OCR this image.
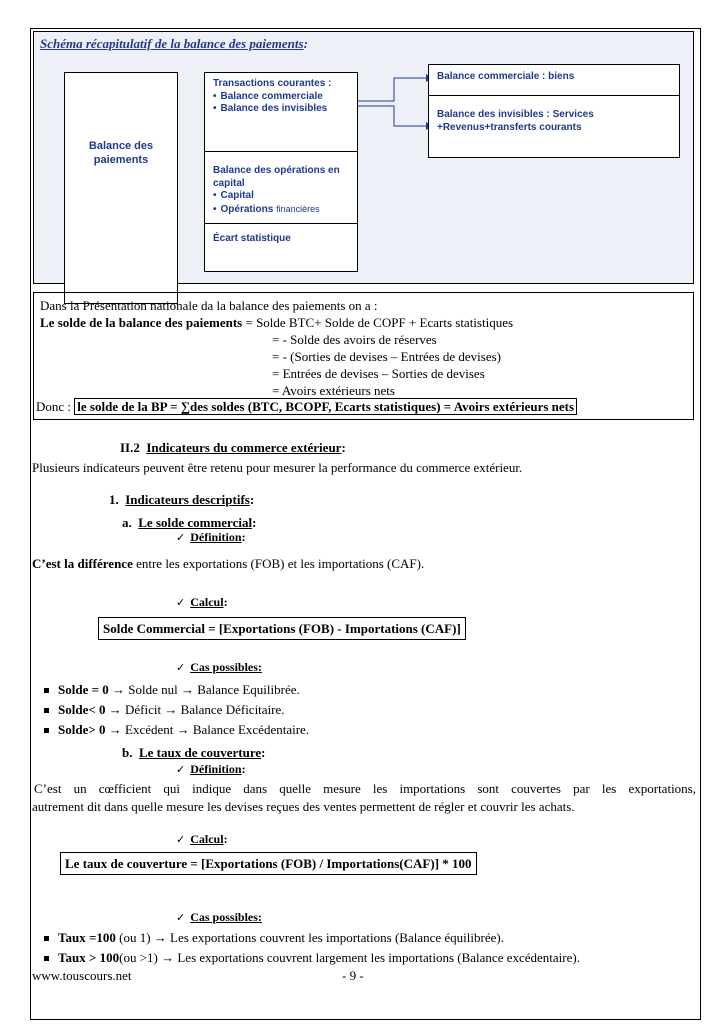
Schéma récapitulatif de la balance des paiements:
Balance des paiements
Transactions courantes :
• Balance commerciale
• Balance des invisibles
Balance des opérations en capital
• Capital
• Opérations financières
Écart statistique
Balance commerciale : biens
Balance des invisibles : Services +Revenus+transferts courants
Dans la Présentation nationale da la balance des paiements on a :
Le solde de la balance des paiements = Solde BTC+ Solde de COPF + Ecarts statistiques
= - Solde des avoirs de réserves
= - (Sorties de devises – Entrées de devises)
= Entrées de devises – Sorties de devises
= Avoirs extérieurs nets
Donc : le solde de la BP = ∑des soldes (BTC, BCOPF, Ecarts statistiques) = Avoirs extérieurs nets
II.2 Indicateurs du commerce extérieur:
Plusieurs indicateurs peuvent être retenu pour mesurer la performance du commerce extérieur.
1. Indicateurs descriptifs:
a. Le solde commercial:
✓ Définition:
C’est la différence entre les exportations (FOB) et les importations (CAF).
✓ Calcul:
Solde Commercial = [Exportations (FOB) - Importations (CAF)]
✓ Cas possibles:
Solde = 0 → Solde nul → Balance Equilibrée.
Solde< 0 → Déficit → Balance Déficitaire.
Solde> 0 → Excédent → Balance Excédentaire.
b. Le taux de couverture:
✓ Définition:
C’est un cœfficient qui indique dans quelle mesure les importations sont couvertes par les exportations,
autrement dit dans quelle mesure les devises reçues des ventes permettent de régler et couvrir les achats.
✓ Calcul:
Le taux de couverture = [Exportations (FOB) / Importations(CAF)] * 100
✓ Cas possibles:
Taux =100 (ou 1) → Les exportations couvrent les importations (Balance équilibrée).
Taux > 100(ou >1) → Les exportations couvrent largement les importations (Balance excédentaire).
www.touscours.net	- 9 -
